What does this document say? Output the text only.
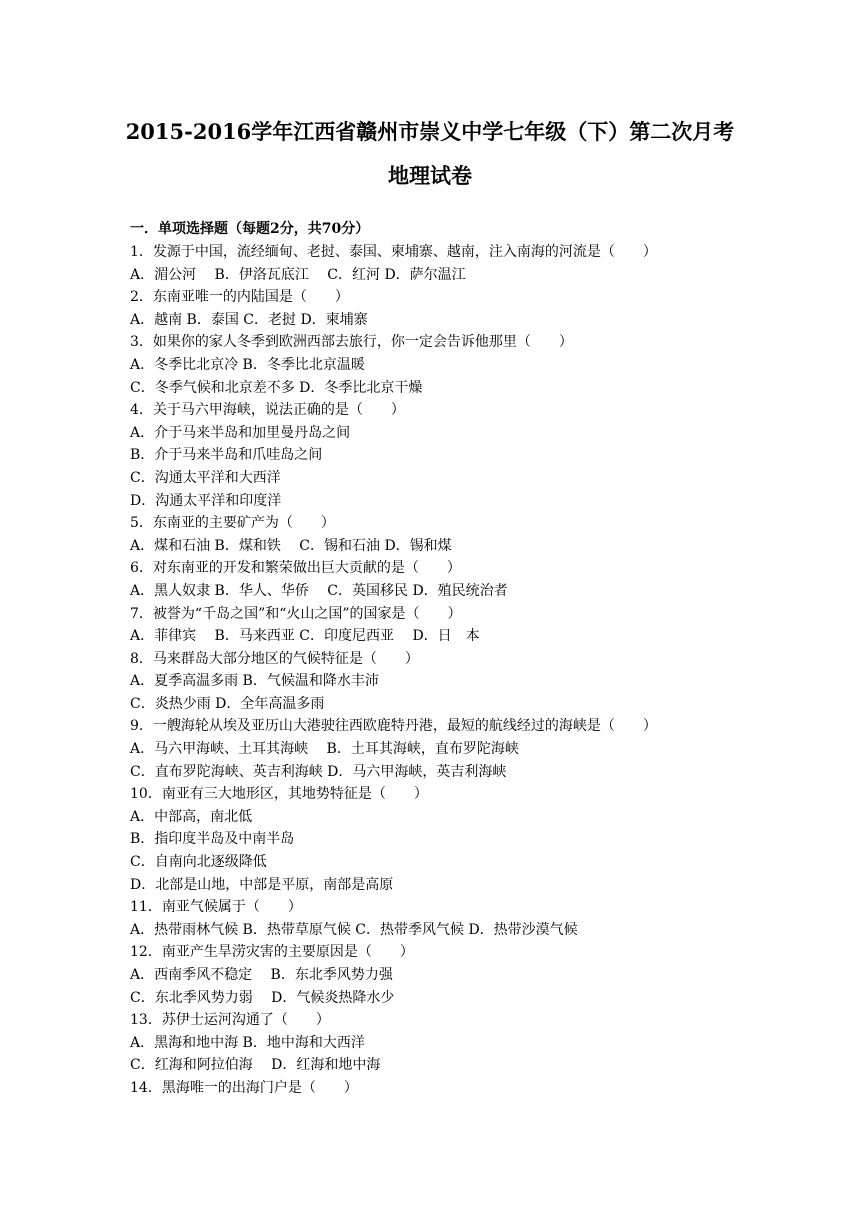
2015-2016学年江西省赣州市崇义中学七年级（下）第二次月考
地理试卷

一．单项选择题（每题2分，共70分）

1．发源于中国，流经缅甸、老挝、泰国、柬埔寨、越南，注入南海的河流是（　　）
A．湄公河　 B．伊洛瓦底江　 C．红河 D．萨尔温江
2．东南亚唯一的内陆国是（　　）
A．越南 B．泰国 C．老挝 D．柬埔寨
3．如果你的家人冬季到欧洲西部去旅行，你一定会告诉他那里（　　）
A．冬季比北京冷 B．冬季比北京温暖
C．冬季气候和北京差不多 D．冬季比北京干燥
4．关于马六甲海峡，说法正确的是（　　）
A．介于马来半岛和加里曼丹岛之间
B．介于马来半岛和爪哇岛之间
C．沟通太平洋和大西洋
D．沟通太平洋和印度洋
5．东南亚的主要矿产为（　　）
A．煤和石油 B．煤和铁　 C．锡和石油 D．锡和煤
6．对东南亚的开发和繁荣做出巨大贡献的是（　　）
A．黑人奴隶 B．华人、华侨　 C．英国移民 D．殖民统治者
7．被誉为“千岛之国”和“火山之国”的国家是（　　）
A．菲律宾　 B．马来西亚 C．印度尼西亚　 D．日　本
8．马来群岛大部分地区的气候特征是（　　）
A．夏季高温多雨 B．气候温和降水丰沛
C．炎热少雨 D．全年高温多雨
9．一艘海轮从埃及亚历山大港驶往西欧鹿特丹港，最短的航线经过的海峡是（　　）
A．马六甲海峡、土耳其海峡　 B．土耳其海峡，直布罗陀海峡
C．直布罗陀海峡、英吉利海峡 D．马六甲海峡，英吉利海峡
10．南亚有三大地形区，其地势特征是（　　）
A．中部高，南北低
B．指印度半岛及中南半岛
C．自南向北逐级降低
D．北部是山地，中部是平原，南部是高原
11．南亚气候属于（　　）
A．热带雨林气候 B．热带草原气候 C．热带季风气候 D．热带沙漠气候
12．南亚产生旱涝灾害的主要原因是（　　）
A．西南季风不稳定　 B．东北季风势力强
C．东北季风势力弱　 D．气候炎热降水少
13．苏伊士运河沟通了（　　）
A．黑海和地中海 B．地中海和大西洋
C．红海和阿拉伯海　 D．红海和地中海
14．黑海唯一的出海门户是（　　）
